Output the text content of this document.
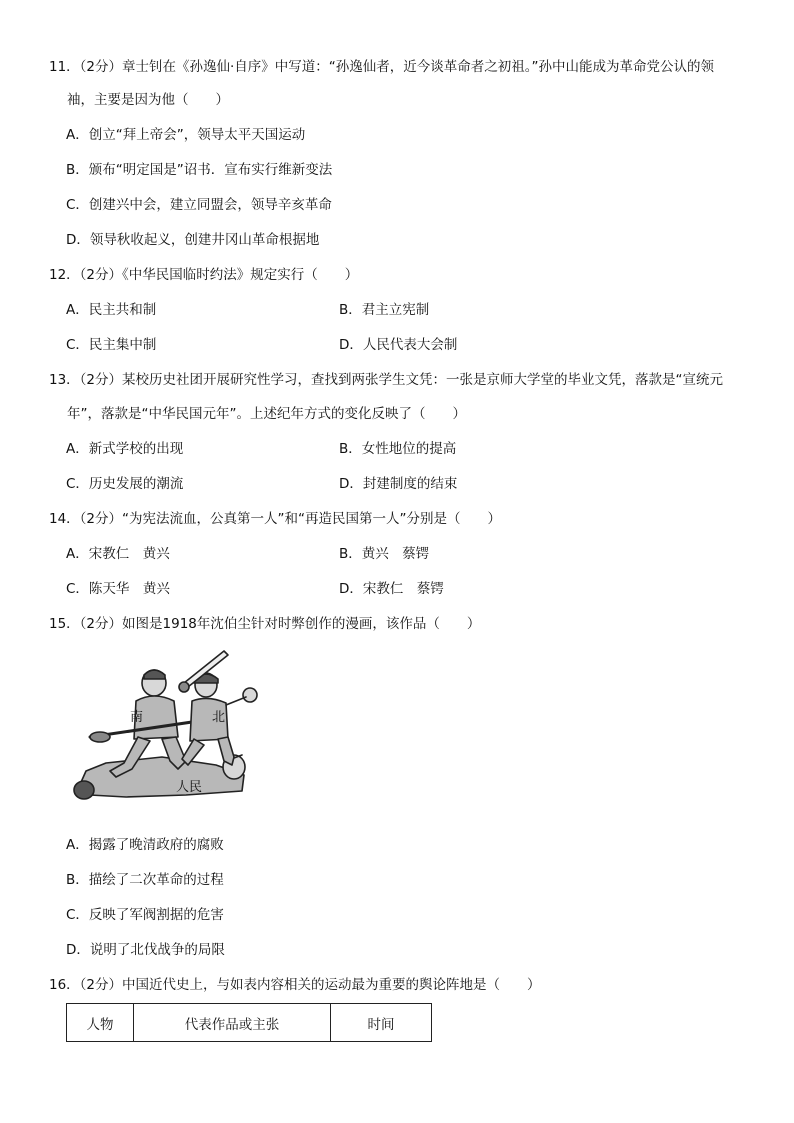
11．（2分）章士钊在《孙逸仙·自序》中写道：“孙逸仙者，近今谈革命者之初祖。”孙中山能成为革命党公认的领
袖，主要是因为他（　　）
A．创立“拜上帝会”，领导太平天国运动
B．颁布“明定国是”诏书．宣布实行维新变法
C．创建兴中会，建立同盟会，领导辛亥革命
D．领导秋收起义，创建井冈山革命根据地
12．（2分）《中华民国临时约法》规定实行（　　）
A．民主共和制	B．君主立宪制
C．民主集中制	D．人民代表大会制
13．（2分）某校历史社团开展研究性学习，查找到两张学生文凭：一张是京师大学堂的毕业文凭，落款是“宣统元
年”，落款是“中华民国元年”。上述纪年方式的变化反映了（　　）
A．新式学校的出现	B．女性地位的提高
C．历史发展的潮流	D．封建制度的结束
14．（2分）“为宪法流血，公真第一人”和“再造民国第一人”分别是（　　）
A．宋教仁　黄兴	B．黄兴　蔡锷
C．陈天华　黄兴	D．宋教仁　蔡锷
15．（2分）如图是1918年沈伯尘针对时弊创作的漫画，该作品（　　）
南	北
人民
A．揭露了晚清政府的腐败
B．描绘了二次革命的过程
C．反映了军阀割据的危害
D．说明了北伐战争的局限
16．（2分）中国近代史上，与如表内容相关的运动最为重要的舆论阵地是（　　）
人物	代表作品或主张	时间
